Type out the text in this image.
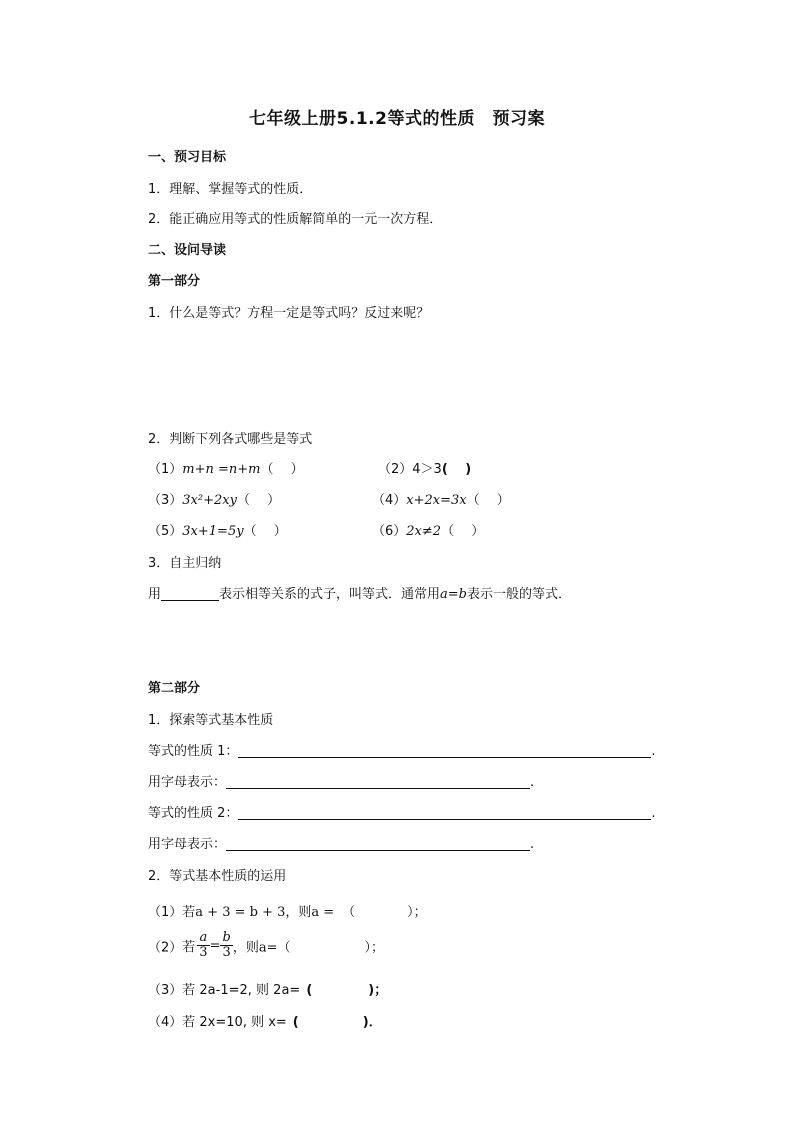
七年级上册5.1.2等式的性质　预习案
一、预习目标
1．理解、掌握等式的性质．
2．能正确应用等式的性质解简单的一元一次方程．
二、设问导读
第一部分
1．什么是等式？方程一定是等式吗？反过来呢？
2．判断下列各式哪些是等式
（1）m+n =n+m（　 ）	（2）4＞3(　 )
（3）3x²+2xy（　 ）	（4）x+2x=3x（　 ）
（5）3x+1=5y（　 ）	（6）2x≠2（　 ）
3．自主归纳
用	表示相等关系的式子，叫等式．通常用a=b表示一般的等式．
第二部分
1．探索等式基本性质
等式的性质 1：	.
用字母表示：	.
等式的性质 2：	.
用字母表示：	.
2．等式基本性质的运用
（1）若a + 3 = b + 3，则a = （	）；
（2）若 $\frac{a}{3} = \frac{b}{3}$ ，则a=（	）；
（3）若 2a-1=2, 则 2a= (	)；
（4）若 2x=10, 则 x= (	)．
